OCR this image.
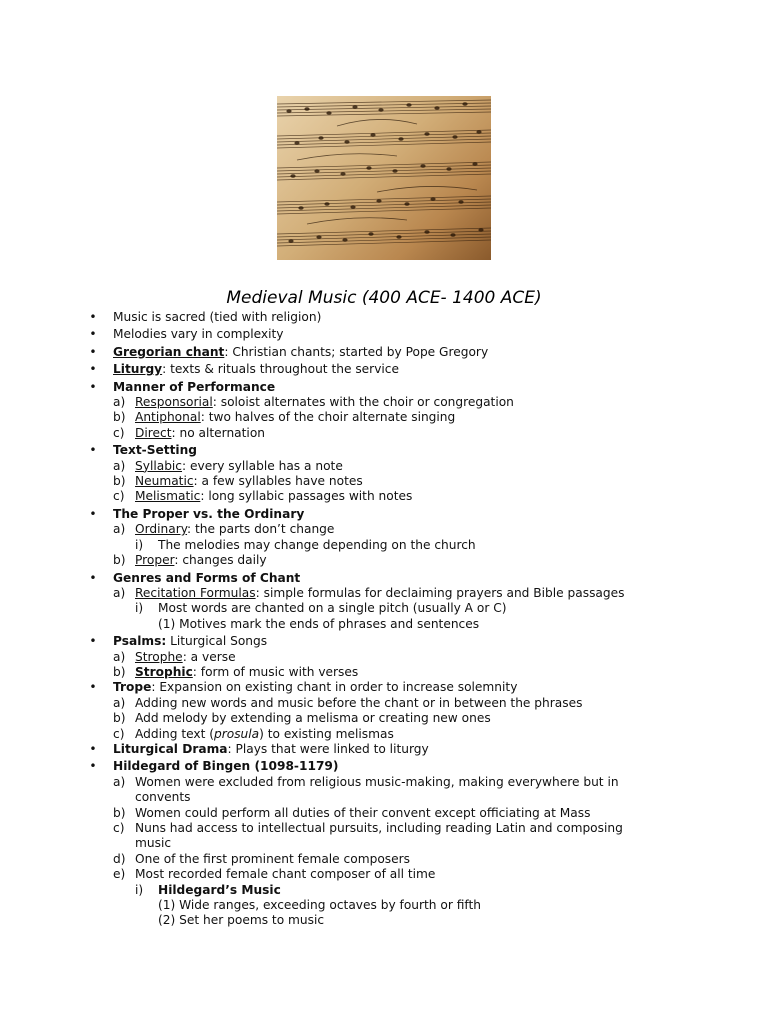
Medieval Music (400 ACE- 1400 ACE)
• Music is sacred (tied with religion)
• Melodies vary in complexity
• Gregorian chant: Christian chants; started by Pope Gregory
• Liturgy: texts & rituals throughout the service
• Manner of Performance
a) Responsorial: soloist alternates with the choir or congregation
b) Antiphonal: two halves of the choir alternate singing
c) Direct: no alternation
• Text-Setting
a) Syllabic: every syllable has a note
b) Neumatic: a few syllables have notes
c) Melismatic: long syllabic passages with notes
• The Proper vs. the Ordinary
a) Ordinary: the parts don’t change
i) The melodies may change depending on the church
b) Proper: changes daily
• Genres and Forms of Chant
a) Recitation Formulas: simple formulas for declaiming prayers and Bible passages
i) Most words are chanted on a single pitch (usually A or C)
(1) Motives mark the ends of phrases and sentences
• Psalms: Liturgical Songs
a) Strophe: a verse
b) Strophic: form of music with verses
• Trope: Expansion on existing chant in order to increase solemnity
a) Adding new words and music before the chant or in between the phrases
b) Add melody by extending a melisma or creating new ones
c) Adding text (prosula) to existing melismas
• Liturgical Drama: Plays that were linked to liturgy
• Hildegard of Bingen (1098-1179)
a) Women were excluded from religious music-making, making everywhere but in
convents
b) Women could perform all duties of their convent except officiating at Mass
c) Nuns had access to intellectual pursuits, including reading Latin and composing
music
d) One of the first prominent female composers
e) Most recorded female chant composer of all time
i) Hildegard’s Music
(1) Wide ranges, exceeding octaves by fourth or fifth
(2) Set her poems to music
